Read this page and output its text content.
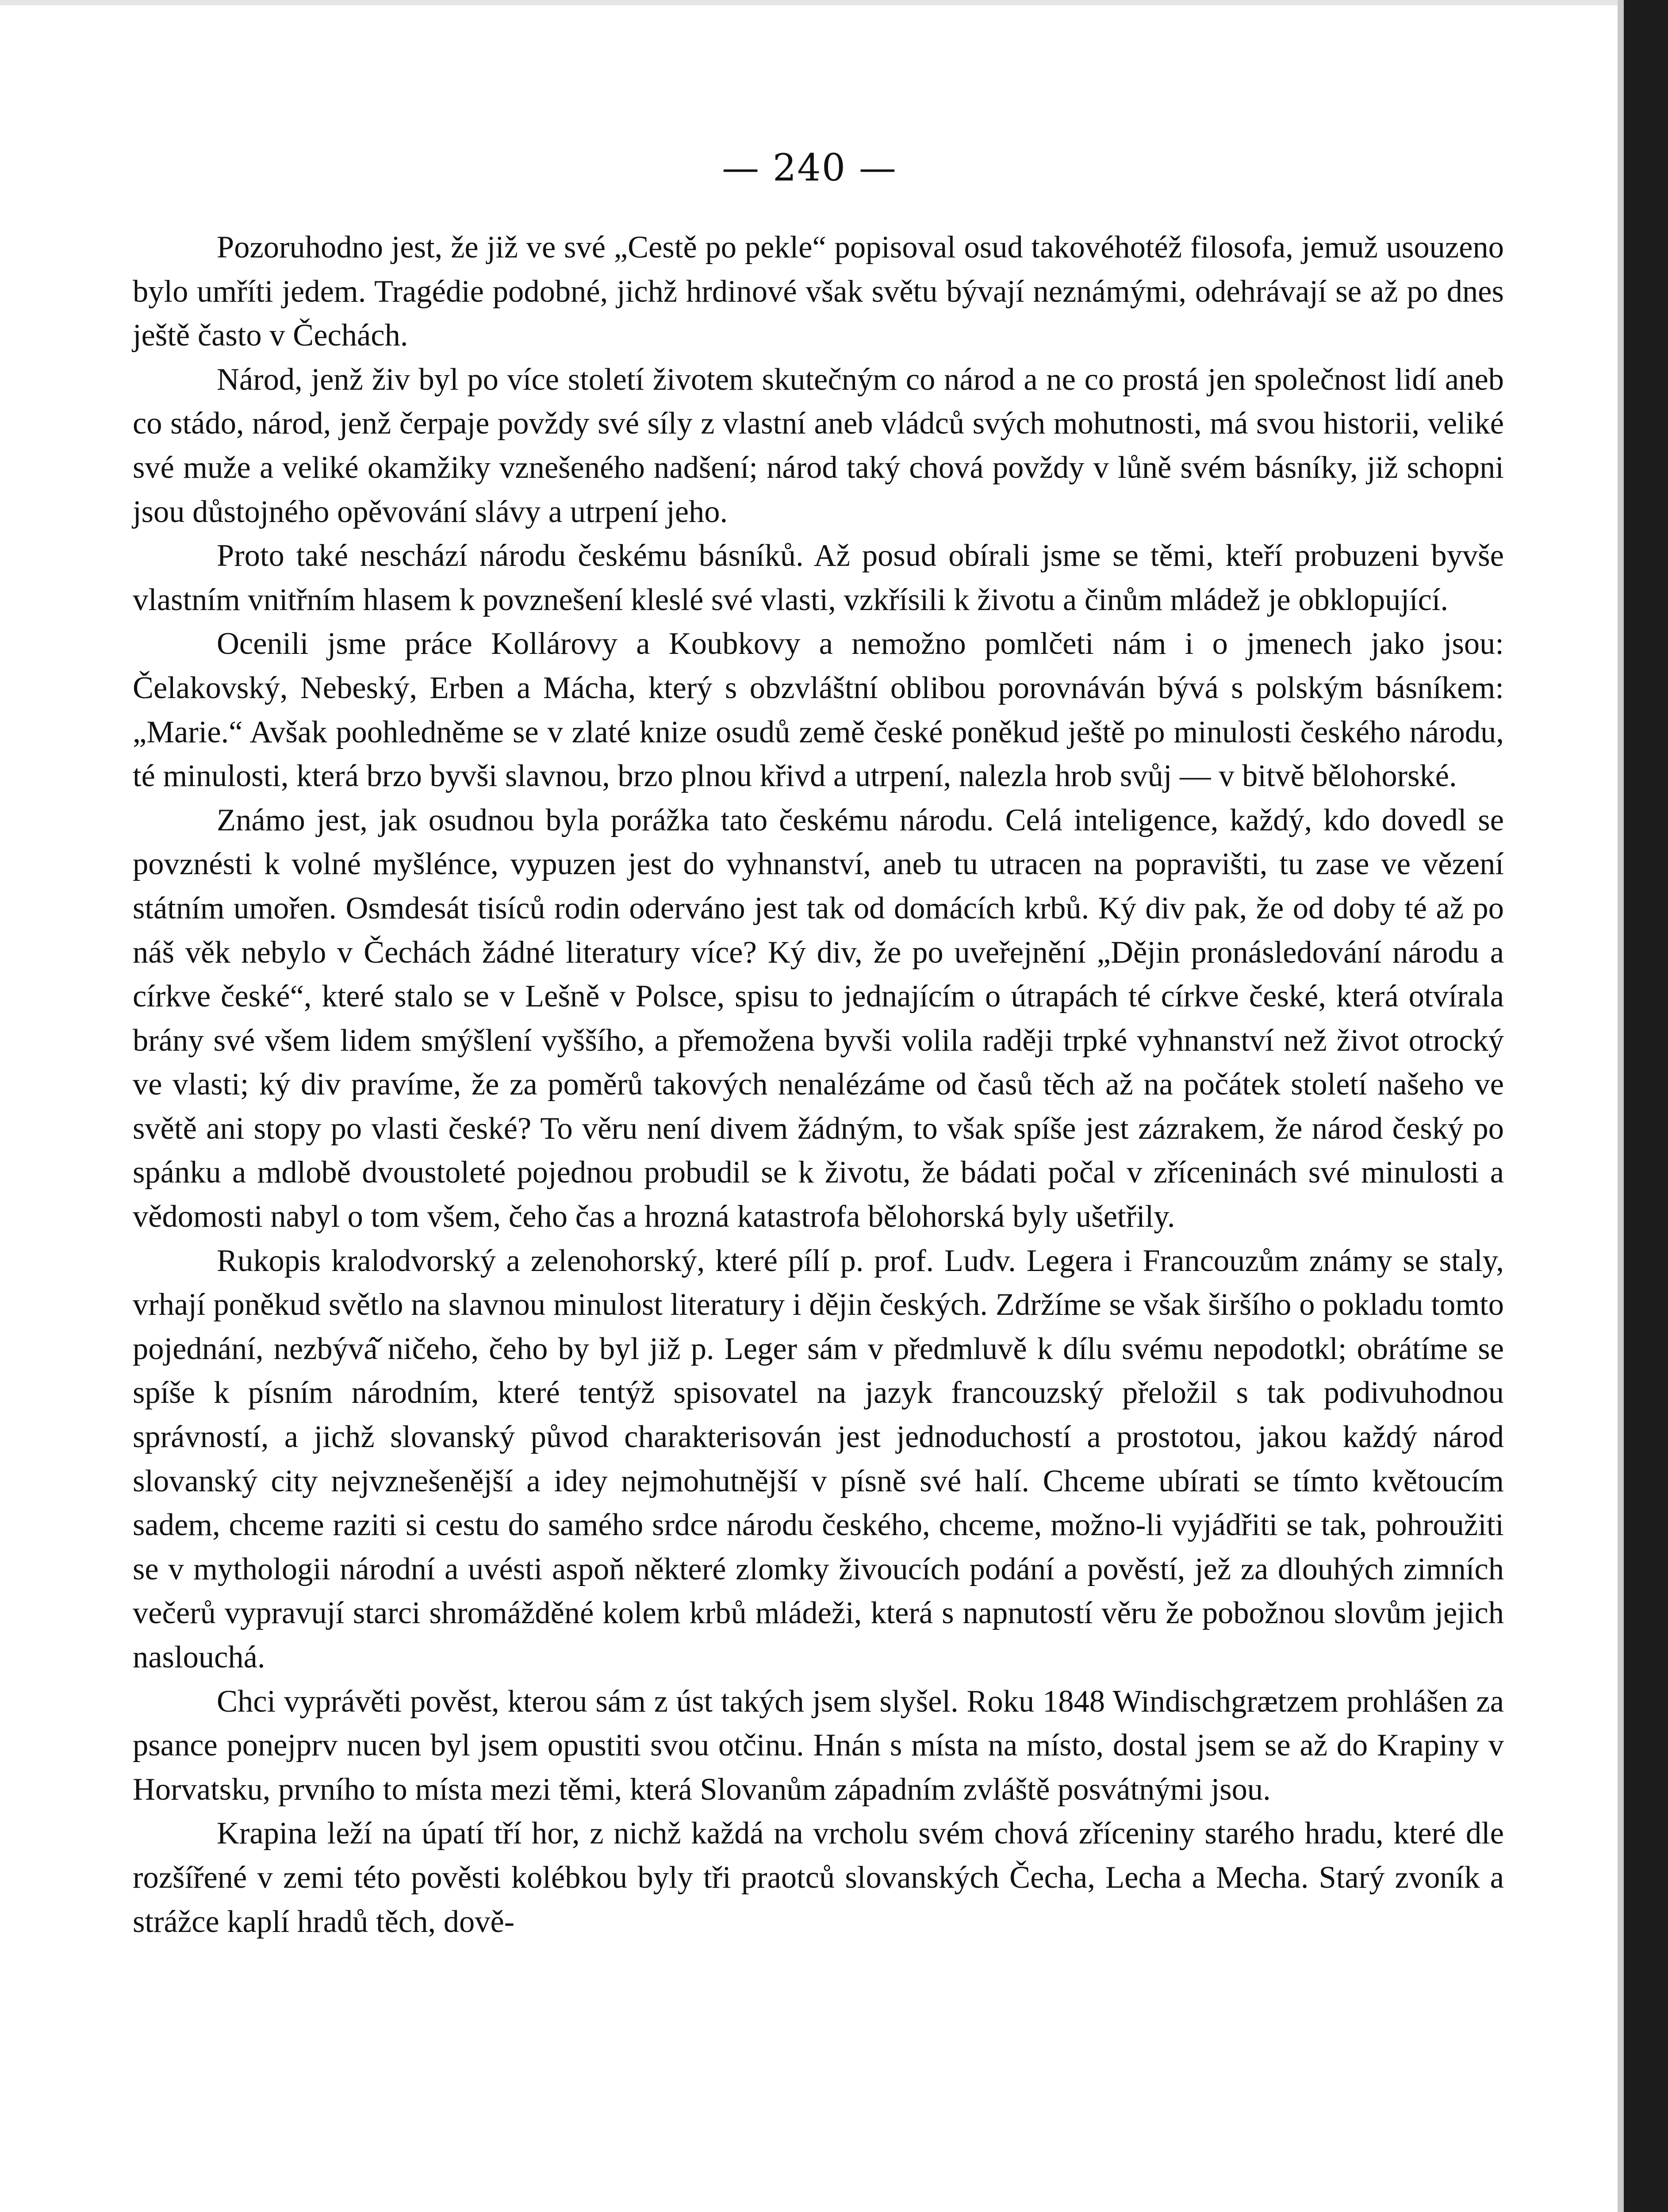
— 240 —

Pozoruhodno jest, že již ve své „Cestě po pekle“ popisoval osud takovéhotéž filosofa, jemuž usouzeno bylo umříti jedem. Tragédie podobné, jichž hrdinové však světu bývají neznámými, odehrávají se až po dnes ještě často v Čechách.

Národ, jenž živ byl po více století životem skutečným co národ a ne co prostá jen společnost lidí aneb co stádo, národ, jenž čerpaje povždy své síly z vlastní aneb vládců svých mohutnosti, má svou historii, veliké své muže a veliké okamžiky vznešeného nadšení; národ taký chová povždy v lůně svém básníky, již schopni jsou důstojného opěvování slávy a utrpení jeho.

Proto také neschází národu českému básníků. Až posud obírali jsme se těmi, kteří probuzeni byvše vlastním vnitřním hlasem k povznešení kleslé své vlasti, vzkřísili k životu a činům mládež je obklopující.

Ocenili jsme práce Kollárovy a Koubkovy a nemožno pomlčeti nám i o jmenech jako jsou: Čelakovský, Nebeský, Erben a Mácha, který s obzvláštní oblibou porovnáván bývá s polským básníkem: „Marie.“ Avšak poohledněme se v zlaté knize osudů země české poněkud ještě po minulosti českého národu, té minulosti, která brzo byvši slavnou, brzo plnou křivd a utrpení, nalezla hrob svůj — v bitvě bělohorské.

Známo jest, jak osudnou byla porážka tato českému národu. Celá inteligence, každý, kdo dovedl se povznésti k volné myšlénce, vypuzen jest do vyhnanství, aneb tu utracen na popravišti, tu zase ve vězení státním umořen. Osmdesát tisíců rodin oderváno jest tak od domácích krbů. Ký div pak, že od doby té až po náš věk nebylo v Čechách žádné literatury více? Ký div, že po uveřejnění „Dějin pronásledování národu a církve české“, které stalo se v Lešně v Polsce, spisu to jednajícím o útrapách té církve české, která otvírala brány své všem lidem smýšlení vyššího, a přemožena byvši volila raději trpké vyhnanství než život otrocký ve vlasti; ký div pravíme, že za poměrů takových nenalézáme od časů těch až na počátek století našeho ve světě ani stopy po vlasti české? To věru není divem žádným, to však spíše jest zázrakem, že národ český po spánku a mdlobě dvoustoleté pojednou probudil se k životu, že bádati počal v zříceninách své minulosti a vědomosti nabyl o tom všem, čeho čas a hrozná katastrofa bělohorská byly ušetřily.

Rukopis kralodvorský a zelenohorský, které pílí p. prof. Ludv. Legera i Francouzům známy se staly, vrhají poněkud světlo na slavnou minulost literatury i dějin českých. Zdržíme se však širšího o pokladu tomto pojednání, nezbývá̌ ničeho, čeho by byl již p. Leger sám v předmluvě k dílu svému nepodotkl; obrátíme se spíše k písním národním, které tentýž spisovatel na jazyk francouzský přeložil s tak podivuhodnou správností, a jichž slovanský původ charakterisován jest jednoduchostí a prostotou, jakou každý národ slovanský city nejvznešenější a idey nejmohutnější v písně své halí. Chceme ubírati se tímto květoucím sadem, chceme raziti si cestu do samého srdce národu českého, chceme, možno-li vyjádřiti se tak, pohroužiti se v mythologii národní a uvésti aspoň některé zlomky živoucích podání a pověstí, jež za dlouhých zimních večerů vypravují starci shromážděné kolem krbů mládeži, která s napnutostí věru že pobožnou slovům jejich naslouchá.

Chci vyprávěti pověst, kterou sám z úst takých jsem slyšel. Roku 1848 Windischgrætzem prohlášen za psance ponejprv nucen byl jsem opustiti svou otčinu. Hnán s místa na místo, dostal jsem se až do Krapiny v Horvatsku, prvního to místa mezi těmi, která Slovanům západním zvláště posvátnými jsou.

Krapina leží na úpatí tří hor, z nichž každá na vrcholu svém chová zříceniny starého hradu, které dle rozšířené v zemi této pověsti kolébkou byly tři praotců slovanských Čecha, Lecha a Mecha. Starý zvoník a strážce kaplí hradů těch, dově-
